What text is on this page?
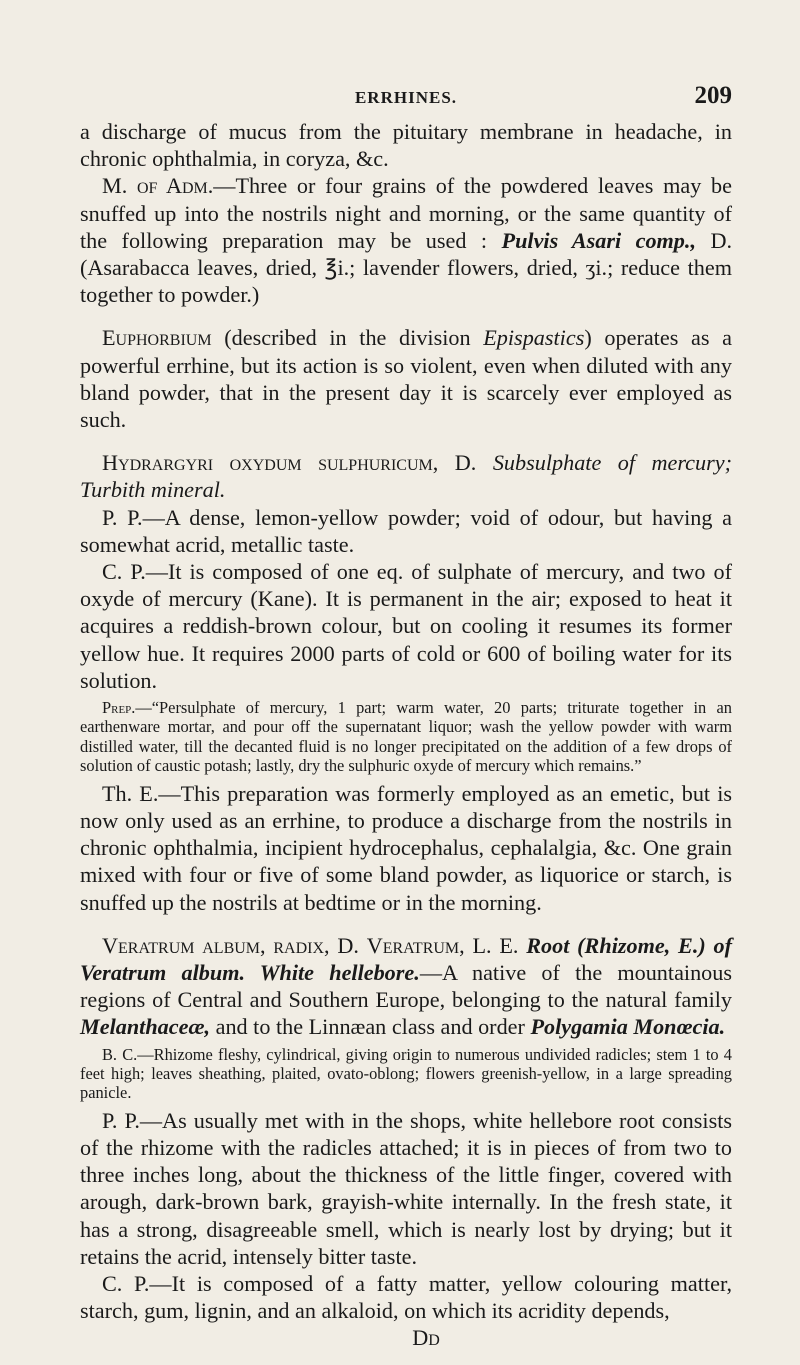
ERRHINES.	209

a discharge of mucus from the pituitary membrane in headache, in chronic ophthalmia, in coryza, &c.

M. of Adm.—Three or four grains of the powdered leaves may be snuffed up into the nostrils night and morning, or the same quantity of the following preparation may be used : Pulvis Asari comp., D. (Asarabacca leaves, dried, ℥i.; lavender flowers, dried, ʒi.; reduce them together to powder.)

Euphorbium (described in the division Epispastics) operates as a powerful errhine, but its action is so violent, even when diluted with any bland powder, that in the present day it is scarcely ever employed as such.

Hydrargyri oxydum sulphuricum, D. Subsulphate of mercury; Turbith mineral.

P. P.—A dense, lemon-yellow powder; void of odour, but having a somewhat acrid, metallic taste.

C. P.—It is composed of one eq. of sulphate of mercury, and two of oxyde of mercury (Kane). It is permanent in the air; exposed to heat it acquires a reddish-brown colour, but on cooling it resumes its former yellow hue. It requires 2000 parts of cold or 600 of boiling water for its solution.

Prep.—“Persulphate of mercury, 1 part; warm water, 20 parts; triturate together in an earthenware mortar, and pour off the supernatant liquor; wash the yellow powder with warm distilled water, till the decanted fluid is no longer precipitated on the addition of a few drops of solution of caustic potash; lastly, dry the sulphuric oxyde of mercury which remains.”

Th. E.—This preparation was formerly employed as an emetic, but is now only used as an errhine, to produce a discharge from the nostrils in chronic ophthalmia, incipient hydrocephalus, cephalalgia, &c. One grain mixed with four or five of some bland powder, as liquorice or starch, is snuffed up the nostrils at bedtime or in the morning.

Veratrum album, radix, D. Veratrum, L. E. Root (Rhizome, E.) of Veratrum album. White hellebore.—A native of the mountainous regions of Central and Southern Europe, belonging to the natural family Melanthaceæ, and to the Linnæan class and order Polygamia Monœcia.

B. C.—Rhizome fleshy, cylindrical, giving origin to numerous undivided radicles; stem 1 to 4 feet high; leaves sheathing, plaited, ovato-oblong; flowers greenish-yellow, in a large spreading panicle.

P. P.—As usually met with in the shops, white hellebore root consists of the rhizome with the radicles attached; it is in pieces of from two to three inches long, about the thickness of the little finger, covered with arough, dark-brown bark, grayish-white internally. In the fresh state, it has a strong, disagreeable smell, which is nearly lost by drying; but it retains the acrid, intensely bitter taste.

C. P.—It is composed of a fatty matter, yellow colouring matter, starch, gum, lignin, and an alkaloid, on which its acridity depends,

Dd
